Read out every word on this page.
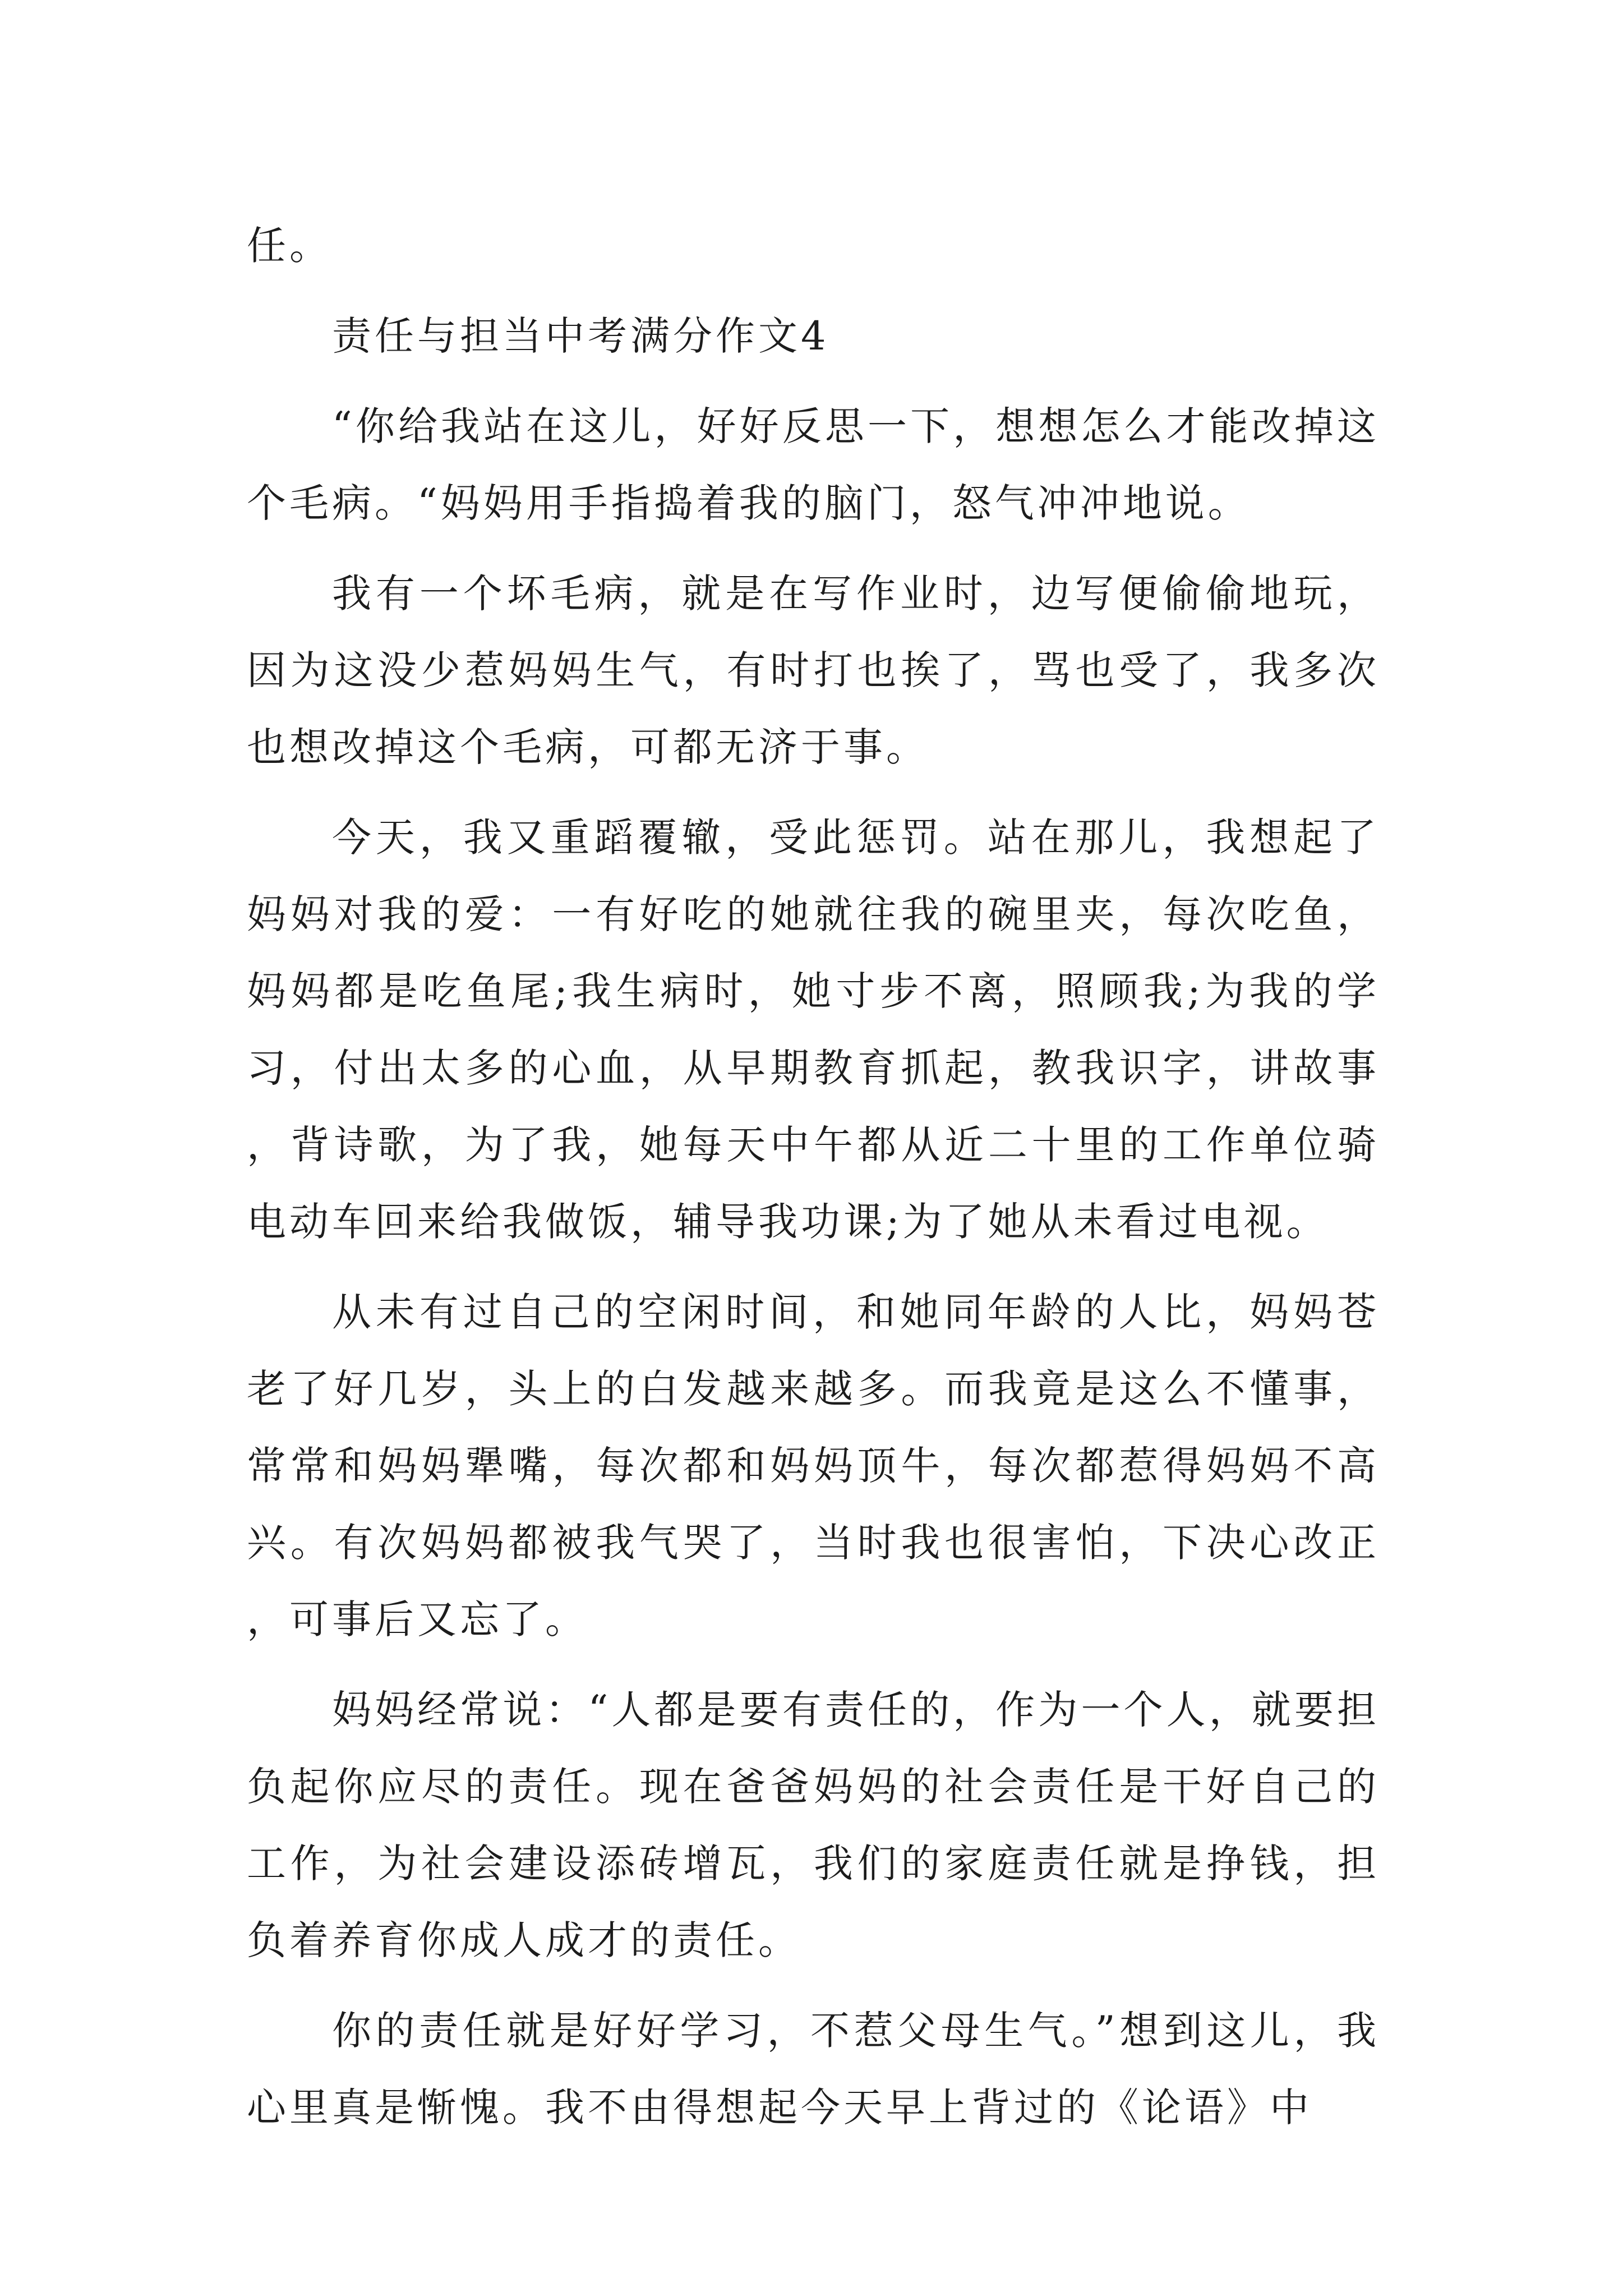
任。

责任与担当中考满分作文4

“你给我站在这儿，好好反思一下，想想怎么才能改掉这个毛病。“妈妈用手指捣着我的脑门，怒气冲冲地说。

我有一个坏毛病，就是在写作业时，边写便偷偷地玩，因为这没少惹妈妈生气，有时打也挨了，骂也受了，我多次也想改掉这个毛病，可都无济于事。

今天，我又重蹈覆辙，受此惩罚。站在那儿，我想起了妈妈对我的爱：一有好吃的她就往我的碗里夹，每次吃鱼，妈妈都是吃鱼尾;我生病时，她寸步不离，照顾我;为我的学习，付出太多的心血，从早期教育抓起，教我识字，讲故事，背诗歌，为了我，她每天中午都从近二十里的工作单位骑电动车回来给我做饭，辅导我功课;为了她从未看过电视。

从未有过自己的空闲时间，和她同年龄的人比，妈妈苍老了好几岁，头上的白发越来越多。而我竟是这么不懂事，常常和妈妈犟嘴，每次都和妈妈顶牛，每次都惹得妈妈不高兴。有次妈妈都被我气哭了，当时我也很害怕，下决心改正，可事后又忘了。

妈妈经常说：“人都是要有责任的，作为一个人，就要担负起你应尽的责任。现在爸爸妈妈的社会责任是干好自己的工作，为社会建设添砖增瓦，我们的家庭责任就是挣钱，担负着养育你成人成才的责任。

你的责任就是好好学习，不惹父母生气。”想到这儿，我心里真是惭愧。我不由得想起今天早上背过的《论语》中
